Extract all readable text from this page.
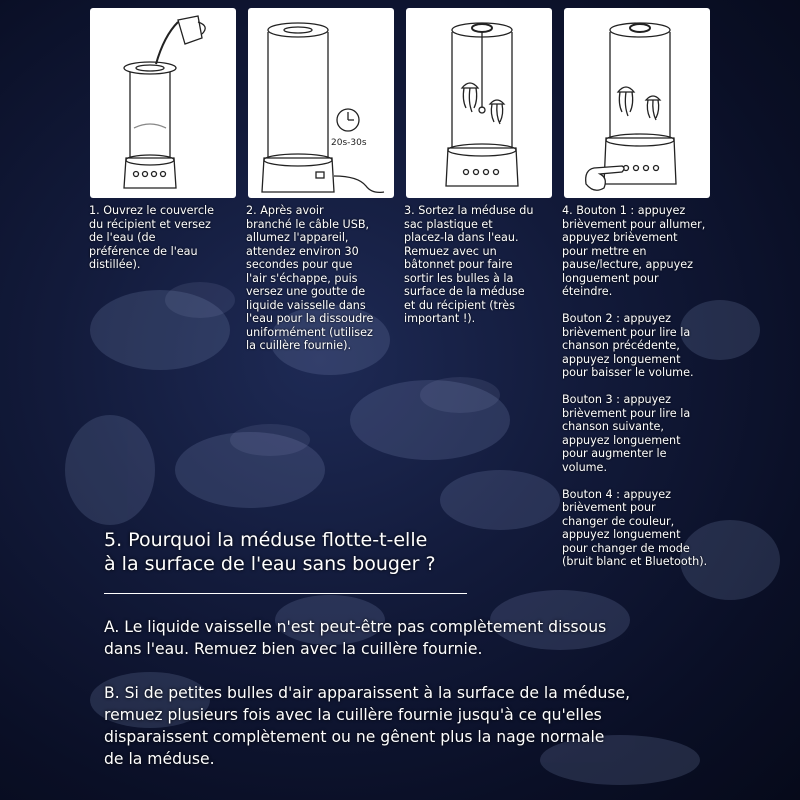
20s-30s
1. Ouvrez le couvercle
du récipient et versez
de l'eau (de
préférence de l'eau
distillée).
2. Après avoir
branché le câble USB,
allumez l'appareil,
attendez environ 30
secondes pour que
l'air s'échappe, puis
versez une goutte de
liquide vaisselle dans
l'eau pour la dissoudre
uniformément (utilisez
la cuillère fournie).
3. Sortez la méduse du
sac plastique et
placez-la dans l'eau.
Remuez avec un
bâtonnet pour faire
sortir les bulles à la
surface de la méduse
et du récipient (très
important !).
4. Bouton 1 : appuyez
brièvement pour allumer,
appuyez brièvement
pour mettre en
pause/lecture, appuyez
longuement pour
éteindre.

Bouton 2 : appuyez
brièvement pour lire la
chanson précédente,
appuyez longuement
pour baisser le volume.

Bouton 3 : appuyez
brièvement pour lire la
chanson suivante,
appuyez longuement
pour augmenter le
volume.

Bouton 4 : appuyez
brièvement pour
changer de couleur,
appuyez longuement
pour changer de mode
(bruit blanc et Bluetooth).
5. Pourquoi la méduse flotte-t-elle
à la surface de l'eau sans bouger ?
A. Le liquide vaisselle n'est peut-être pas complètement dissous
dans l'eau. Remuez bien avec la cuillère fournie.
B. Si de petites bulles d'air apparaissent à la surface de la méduse,
remuez plusieurs fois avec la cuillère fournie jusqu'à ce qu'elles
disparaissent complètement ou ne gênent plus la nage normale
de la méduse.
